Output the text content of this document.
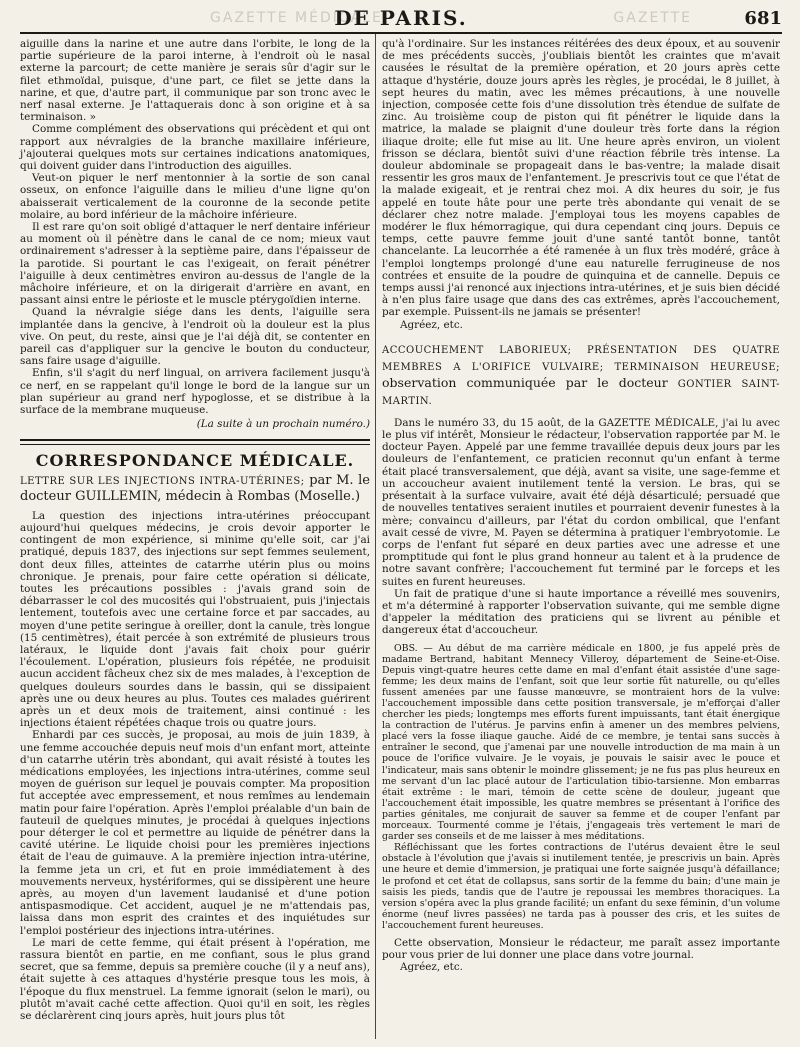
GAZETTE MÉDICALE
DE PARIS.	GAZETTE	681

aiguille dans la narine et une autre dans l'orbite, le long de la partie supérieure de la paroi interne, à l'endroit où le nasal externe la parcourt; de cette manière je serais sûr d'agir sur le filet ethmoïdal, puisque, d'une part, ce filet se jette dans la narine, et que, d'autre part, il communique par son tronc avec le nerf nasal externe. Je l'attaquerais donc à son origine et à sa terminaison. »

Comme complément des observations qui précèdent et qui ont rapport aux névralgies de la branche maxillaire inférieure, j'ajouterai quelques mots sur certaines indications anatomiques, qui doivent guider dans l'introduction des aiguilles.

Veut-on piquer le nerf mentonnier à la sortie de son canal osseux, on enfonce l'aiguille dans le milieu d'une ligne qu'on abaisserait verticalement de la couronne de la seconde petite molaire, au bord inférieur de la mâchoire inférieure.

Il est rare qu'on soit obligé d'attaquer le nerf dentaire inférieur au moment où il pénètre dans le canal de ce nom; mieux vaut ordinairement s'adresser à la septième paire, dans l'épaisseur de la parotide. Si pourtant le cas l'exigeait, on ferait pénétrer l'aiguille à deux centimètres environ au-dessus de l'angle de la mâchoire inférieure, et on la dirigerait d'arrière en avant, en passant ainsi entre le périoste et le muscle ptérygoïdien interne.

Quand la névralgie siége dans les dents, l'aiguille sera implantée dans la gencive, à l'endroit où la douleur est la plus vive. On peut, du reste, ainsi que je l'ai déjà dit, se contenter en pareil cas d'appliquer sur la gencive le bouton du conducteur, sans faire usage d'aiguille.

Enfin, s'il s'agit du nerf lingual, on arrivera facilement jusqu'à ce nerf, en se rappelant qu'il longe le bord de la langue sur un plan supérieur au grand nerf hypoglosse, et se distribue à la surface de la membrane muqueuse.

(La suite à un prochain numéro.)

CORRESPONDANCE MÉDICALE.

LETTRE SUR LES INJECTIONS INTRA-UTÉRINES; par M. le docteur GUILLEMIN, médecin à Rombas (Moselle.)

La question des injections intra-utérines préoccupant aujourd'hui quelques médecins, je crois devoir apporter le contingent de mon expérience, si minime qu'elle soit, car j'ai pratiqué, depuis 1837, des injections sur sept femmes seulement, dont deux filles, atteintes de catarrhe utérin plus ou moins chronique. Je prenais, pour faire cette opération si délicate, toutes les précautions possibles : j'avais grand soin de débarrasser le col des mucosités qui l'obstruaient, puis j'injectais lentement, toutefois avec une certaine force et par saccades, au moyen d'une petite seringue à oreiller, dont la canule, très longue (15 centimètres), était percée à son extrémité de plusieurs trous latéraux, le liquide dont j'avais fait choix pour guérir l'écoulement. L'opération, plusieurs fois répétée, ne produisit aucun accident fâcheux chez six de mes malades, à l'exception de quelques douleurs sourdes dans le bassin, qui se dissipaient après une ou deux heures au plus. Toutes ces malades guérirent après un et deux mois de traitement, ainsi continué : les injections étaient répétées chaque trois ou quatre jours.

Enhardi par ces succès, je proposai, au mois de juin 1839, à une femme accouchée depuis neuf mois d'un enfant mort, atteinte d'un catarrhe utérin très abondant, qui avait résisté à toutes les médications employées, les injections intra-utérines, comme seul moyen de guérison sur lequel je pouvais compter. Ma proposition fut acceptée avec empressement, et nous remîmes au lendemain matin pour faire l'opération. Après l'emploi préalable d'un bain de fauteuil de quelques minutes, je procédai à quelques injections pour déterger le col et permettre au liquide de pénétrer dans la cavité utérine. Le liquide choisi pour les premières injections était de l'eau de guimauve. A la première injection intra-utérine, la femme jeta un cri, et fut en proie immédiatement à des mouvements nerveux, hystériformes, qui se dissipèrent une heure après, au moyen d'un lavement laudanisé et d'une potion antispasmodique. Cet accident, auquel je ne m'attendais pas, laissa dans mon esprit des craintes et des inquiétudes sur l'emploi postérieur des injections intra-utérines.

Le mari de cette femme, qui était présent à l'opération, me rassura bientôt en partie, en me confiant, sous le plus grand secret, que sa femme, depuis sa première couche (il y a neuf ans), était sujette à ces attaques d'hystérie presque tous les mois, à l'époque du flux menstruel. La femme ignorait (selon le mari), ou plutôt m'avait caché cette affection. Quoi qu'il en soit, les règles se déclarèrent cinq jours après, huit jours plus tôt

qu'à l'ordinaire. Sur les instances réitérées des deux époux, et au souvenir de mes précédents succès, j'oubliais bientôt les craintes que m'avait causées le résultat de la première opération, et 20 jours après cette attaque d'hystérie, douze jours après les règles, je procédai, le 8 juillet, à sept heures du matin, avec les mêmes précautions, à une nouvelle injection, composée cette fois d'une dissolution très étendue de sulfate de zinc. Au troisième coup de piston qui fit pénétrer le liquide dans la matrice, la malade se plaignit d'une douleur très forte dans la région iliaque droite; elle fut mise au lit. Une heure après environ, un violent frisson se déclara, bientôt suivi d'une réaction fébrile très intense. La douleur abdominale se propageait dans le bas-ventre; la malade disait ressentir les gros maux de l'enfantement. Je prescrivis tout ce que l'état de la malade exigeait, et je rentrai chez moi. A dix heures du soir, je fus appelé en toute hâte pour une perte très abondante qui venait de se déclarer chez notre malade. J'employai tous les moyens capables de modérer le flux hémorragique, qui dura cependant cinq jours. Depuis ce temps, cette pauvre femme jouit d'une santé tantôt bonne, tantôt chancelante. La leucorrhée a été ramenée à un flux très modéré, grâce à l'emploi longtemps prolongé d'une eau naturelle ferrugineuse de nos contrées et ensuite de la poudre de quinquina et de cannelle. Depuis ce temps aussi j'ai renoncé aux injections intra-utérines, et je suis bien décidé à n'en plus faire usage que dans des cas extrêmes, après l'accouchement, par exemple. Puissent-ils ne jamais se présenter!

Agréez, etc.

ACCOUCHEMENT LABORIEUX; PRÉSENTATION DES QUATRE MEMBRES A L'ORIFICE VULVAIRE; TERMINAISON HEUREUSE; observation communiquée par le docteur GONTIER SAINT-MARTIN.

Dans le numéro 33, du 15 août, de la GAZETTE MÉDICALE, j'ai lu avec le plus vif intérêt, Monsieur le rédacteur, l'observation rapportée par M. le docteur Payen. Appelé par une femme travaillée depuis deux jours par les douleurs de l'enfantement, ce praticien reconnut qu'un enfant à terme était placé transversalement, que déjà, avant sa visite, une sage-femme et un accoucheur avaient inutilement tenté la version. Le bras, qui se présentait à la surface vulvaire, avait été déjà désarticulé; persuadé que de nouvelles tentatives seraient inutiles et pourraient devenir funestes à la mère; convaincu d'ailleurs, par l'état du cordon ombilical, que l'enfant avait cessé de vivre, M. Payen se détermina à pratiquer l'embryotomie. Le corps de l'enfant fut séparé en deux parties avec une adresse et une promptitude qui font le plus grand honneur au talent et à la prudence de notre savant confrère; l'accouchement fut terminé par le forceps et les suites en furent heureuses.

Un fait de pratique d'une si haute importance a réveillé mes souvenirs, et m'a déterminé à rapporter l'observation suivante, qui me semble digne d'appeler la méditation des praticiens qui se livrent au pénible et dangereux état d'accoucheur.

OBS. — Au début de ma carrière médicale en 1800, je fus appelé près de madame Bertrand, habitant Mennecy Villeroy, département de Seine-et-Oise. Depuis vingt-quatre heures cette dame en mal d'enfant était assistée d'une sage-femme; les deux mains de l'enfant, soit que leur sortie fût naturelle, ou qu'elles fussent amenées par une fausse manœuvre, se montraient hors de la vulve: l'accouchement impossible dans cette position transversale, je m'efforçai d'aller chercher les pieds; longtemps mes efforts furent impuissants, tant était énergique la contraction de l'utérus. Je parvins enfin à amener un des membres pelviens, placé vers la fosse iliaque gauche. Aidé de ce membre, je tentai sans succès à entraîner le second, que j'amenai par une nouvelle introduction de ma main à un pouce de l'orifice vulvaire. Je le voyais, je pouvais le saisir avec le pouce et l'indicateur, mais sans obtenir le moindre glissement; je ne fus pas plus heureux en me servant d'un lac placé autour de l'articulation tibio-tarsienne. Mon embarras était extrême : le mari, témoin de cette scène de douleur, jugeant que l'accouchement était impossible, les quatre membres se présentant à l'orifice des parties génitales, me conjurait de sauver sa femme et de couper l'enfant par morceaux. Tourmenté comme je l'étais, j'engageais très vertement le mari de garder ses conseils et de me laisser à mes méditations.

Réfléchissant que les fortes contractions de l'utérus devaient être le seul obstacle à l'évolution que j'avais si inutilement tentée, je prescrivis un bain. Après une heure et demie d'immersion, je pratiquai une forte saignée jusqu'à défaillance; le profond et cet état de collapsus, sans sortir de la femme du bain; d'une main je saisis les pieds, tandis que de l'autre je repoussai les membres thoraciques. La version s'opéra avec la plus grande facilité; un enfant du sexe féminin, d'un volume énorme (neuf livres passées) ne tarda pas à pousser des cris, et les suites de l'accouchement furent heureuses.

Cette observation, Monsieur le rédacteur, me paraît assez importante pour vous prier de lui donner une place dans votre journal.

Agréez, etc.
